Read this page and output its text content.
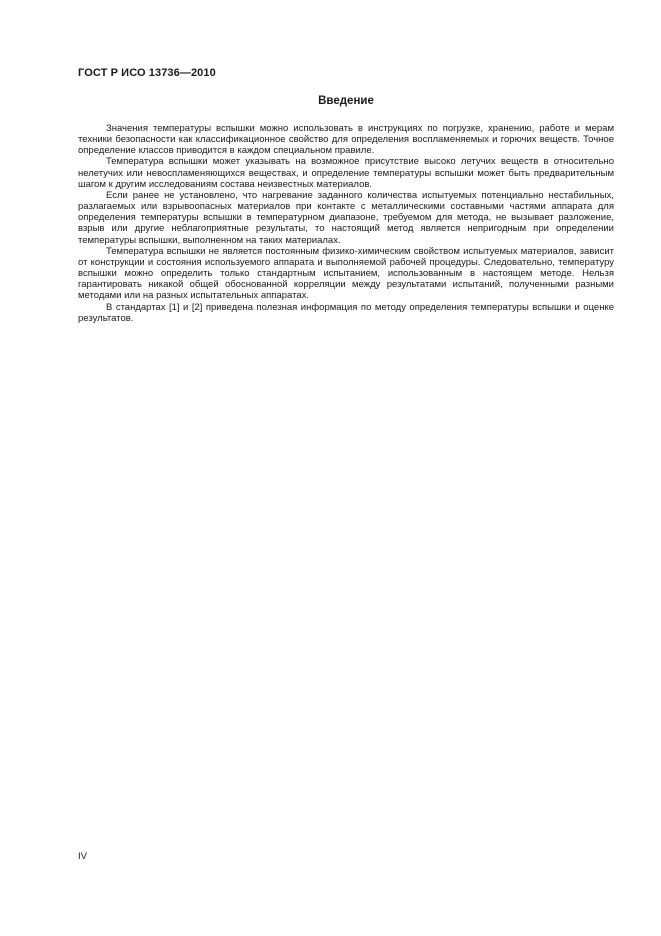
ГОСТ Р ИСО 13736—2010
Введение

Значения температуры вспышки можно использовать в инструкциях по погрузке, хранению, работе и мерам техники безопасности как классификационное свойство для определения воспламеняемых и горючих веществ. Точное определение классов приводится в каждом специальном правиле.

Температура вспышки может указывать на возможное присутствие высоко летучих веществ в относительно нелетучих или невоспламеняющихся веществах, и определение температуры вспышки может быть предварительным шагом к другим исследованиям состава неизвестных материалов.

Если ранее не установлено, что нагревание заданного количества испытуемых потенциально нестабильных, разлагаемых или взрывоопасных материалов при контакте с металлическими составными частями аппарата для определения температуры вспышки в температурном диапазоне, требуемом для метода, не вызывает разложение, взрыв или другие неблагоприятные результаты, то настоящий метод является непригодным при определении температуры вспышки, выполненном на таких материалах.

Температура вспышки не является постоянным физико-химическим свойством испытуемых материалов, зависит от конструкции и состояния используемого аппарата и выполняемой рабочей процедуры. Следовательно, температуру вспышки можно определить только стандартным испытанием, использованным в настоящем методе. Нельзя гарантировать никакой общей обоснованной корреляции между результатами испытаний, полученными разными методами или на разных испытательных аппаратах.

В стандартах [1] и [2] приведена полезная информация по методу определения температуры вспышки и оценке результатов.

IV
